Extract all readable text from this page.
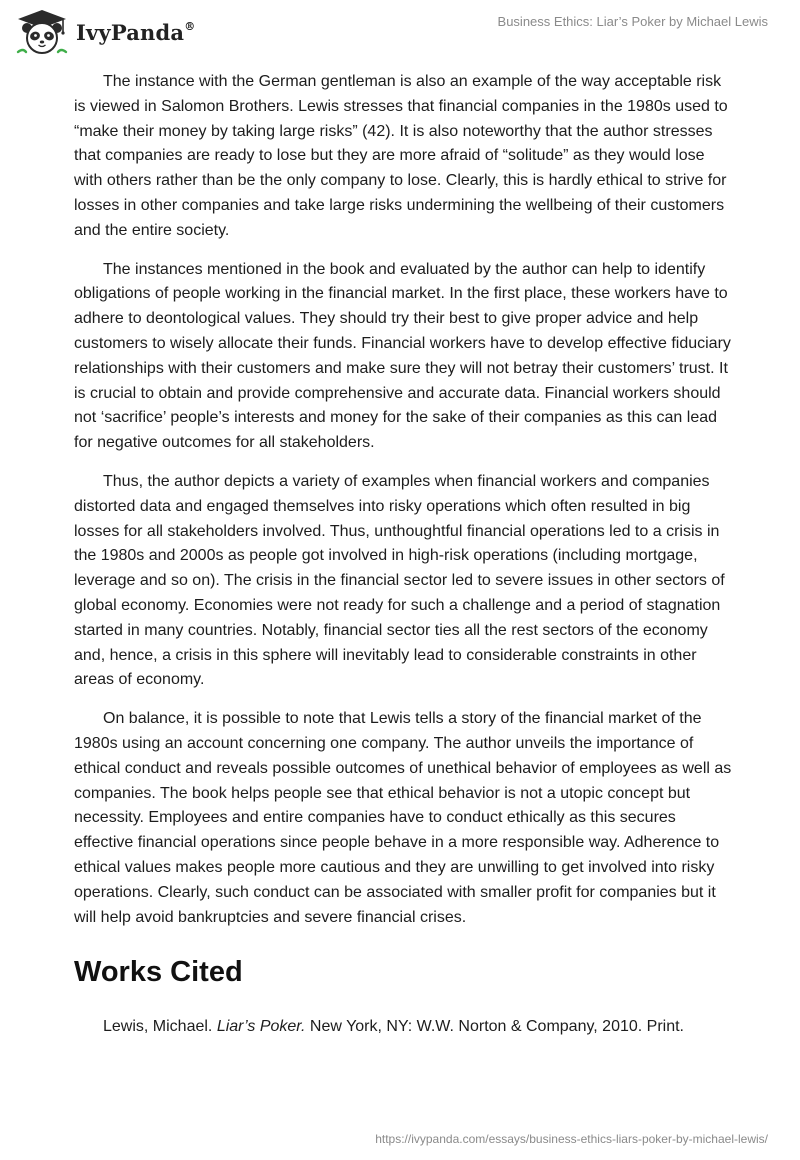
IvyPanda®	Business Ethics: Liar’s Poker by Michael Lewis

The instance with the German gentleman is also an example of the way acceptable risk is viewed in Salomon Brothers. Lewis stresses that financial companies in the 1980s used to “make their money by taking large risks” (42). It is also noteworthy that the author stresses that companies are ready to lose but they are more afraid of “solitude” as they would lose with others rather than be the only company to lose. Clearly, this is hardly ethical to strive for losses in other companies and take large risks undermining the wellbeing of their customers and the entire society.

The instances mentioned in the book and evaluated by the author can help to identify obligations of people working in the financial market. In the first place, these workers have to adhere to deontological values. They should try their best to give proper advice and help customers to wisely allocate their funds. Financial workers have to develop effective fiduciary relationships with their customers and make sure they will not betray their customers’ trust. It is crucial to obtain and provide comprehensive and accurate data. Financial workers should not ‘sacrifice’ people’s interests and money for the sake of their companies as this can lead for negative outcomes for all stakeholders.

Thus, the author depicts a variety of examples when financial workers and companies distorted data and engaged themselves into risky operations which often resulted in big losses for all stakeholders involved. Thus, unthoughtful financial operations led to a crisis in the 1980s and 2000s as people got involved in high-risk operations (including mortgage, leverage and so on). The crisis in the financial sector led to severe issues in other sectors of global economy. Economies were not ready for such a challenge and a period of stagnation started in many countries. Notably, financial sector ties all the rest sectors of the economy and, hence, a crisis in this sphere will inevitably lead to considerable constraints in other areas of economy.

On balance, it is possible to note that Lewis tells a story of the financial market of the 1980s using an account concerning one company. The author unveils the importance of ethical conduct and reveals possible outcomes of unethical behavior of employees as well as companies. The book helps people see that ethical behavior is not a utopic concept but necessity. Employees and entire companies have to conduct ethically as this secures effective financial operations since people behave in a more responsible way. Adherence to ethical values makes people more cautious and they are unwilling to get involved into risky operations. Clearly, such conduct can be associated with smaller profit for companies but it will help avoid bankruptcies and severe financial crises.

Works Cited
Lewis, Michael. Liar’s Poker. New York, NY: W.W. Norton & Company, 2010. Print.
https://ivypanda.com/essays/business-ethics-liars-poker-by-michael-lewis/
